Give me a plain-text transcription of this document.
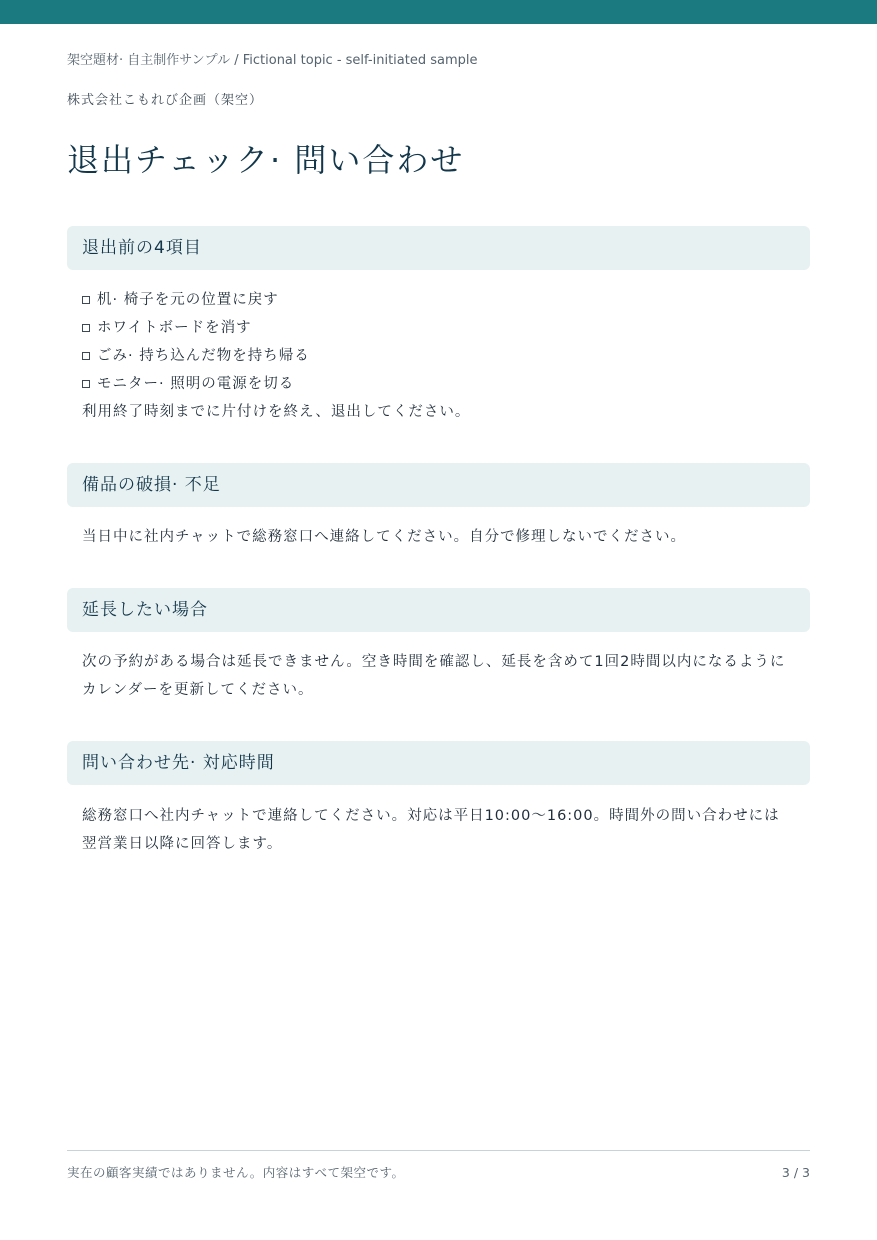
架空題材· 自主制作サンプル / Fictional topic - self-initiated sample
株式会社こもれび企画（架空）
退出チェック· 問い合わせ
退出前の4項目
机· 椅子を元の位置に戻す
ホワイトボードを消す
ごみ· 持ち込んだ物を持ち帰る
モニター· 照明の電源を切る

利用終了時刻までに片付けを終え、退出してください。

備品の破損· 不足

当日中に社内チャットで総務窓口へ連絡してください。自分で修理しないでください。

延長したい場合

次の予約がある場合は延長できません。空き時間を確認し、延長を含めて1回2時間以内になるようにカレンダーを更新してください。

問い合わせ先· 対応時間

総務窓口へ社内チャットで連絡してください。対応は平日10:00〜16:00。時間外の問い合わせには翌営業日以降に回答します。

実在の顧客実績ではありません。内容はすべて架空です。	3 / 3
